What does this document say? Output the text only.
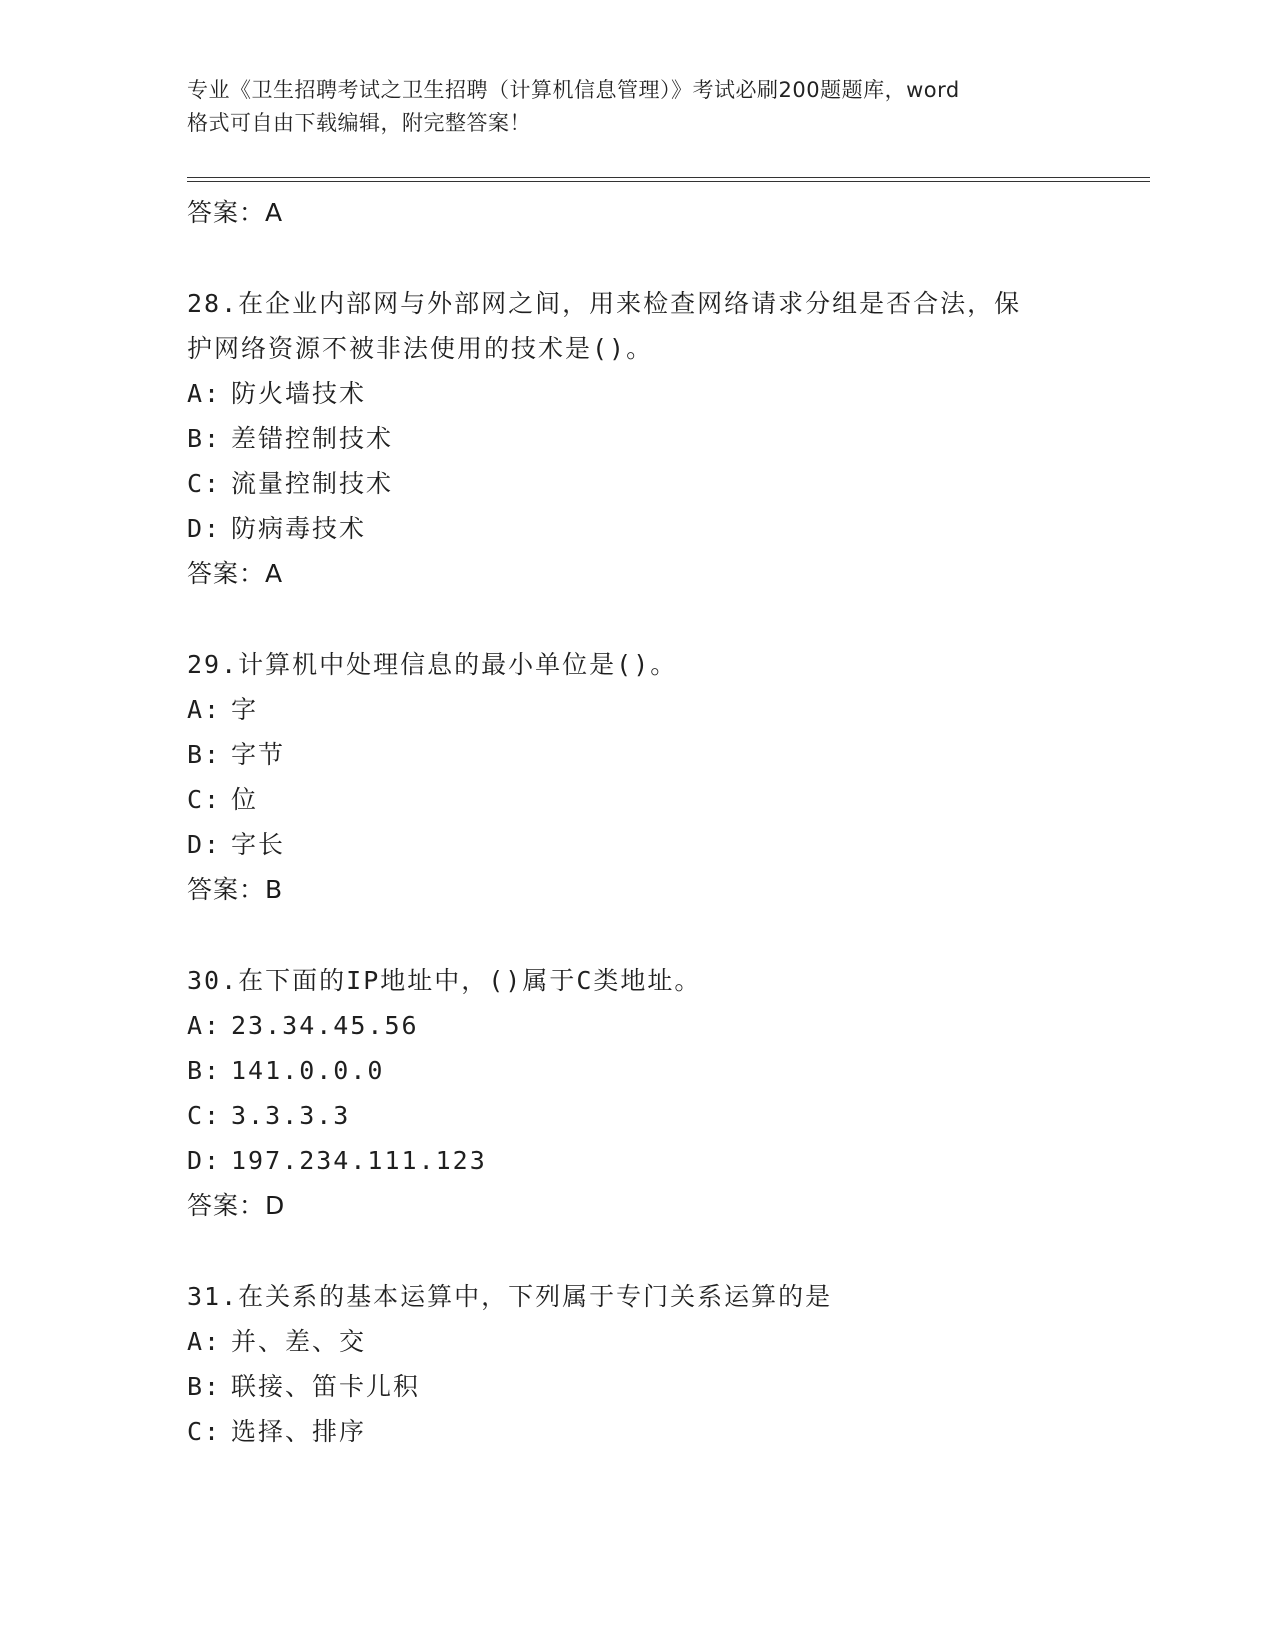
专业《卫生招聘考试之卫生招聘（计算机信息管理）》考试必刷200题题库，word
格式可自由下载编辑，附完整答案！
答案：A
28.在企业内部网与外部网之间，用来检查网络请求分组是否合法，保
护网络资源不被非法使用的技术是()。
A: 防火墙技术
B: 差错控制技术
C: 流量控制技术
D: 防病毒技术
答案：A
29.计算机中处理信息的最小单位是()。
A: 字
B: 字节
C: 位
D: 字长
答案：B
30.在下面的IP地址中，()属于C类地址。
A: 23.34.45.56
B: 141.0.0.0
C: 3.3.3.3
D: 197.234.111.123
答案：D
31.在关系的基本运算中，下列属于专门关系运算的是
A: 并、差、交
B: 联接、笛卡儿积
C: 选择、排序
